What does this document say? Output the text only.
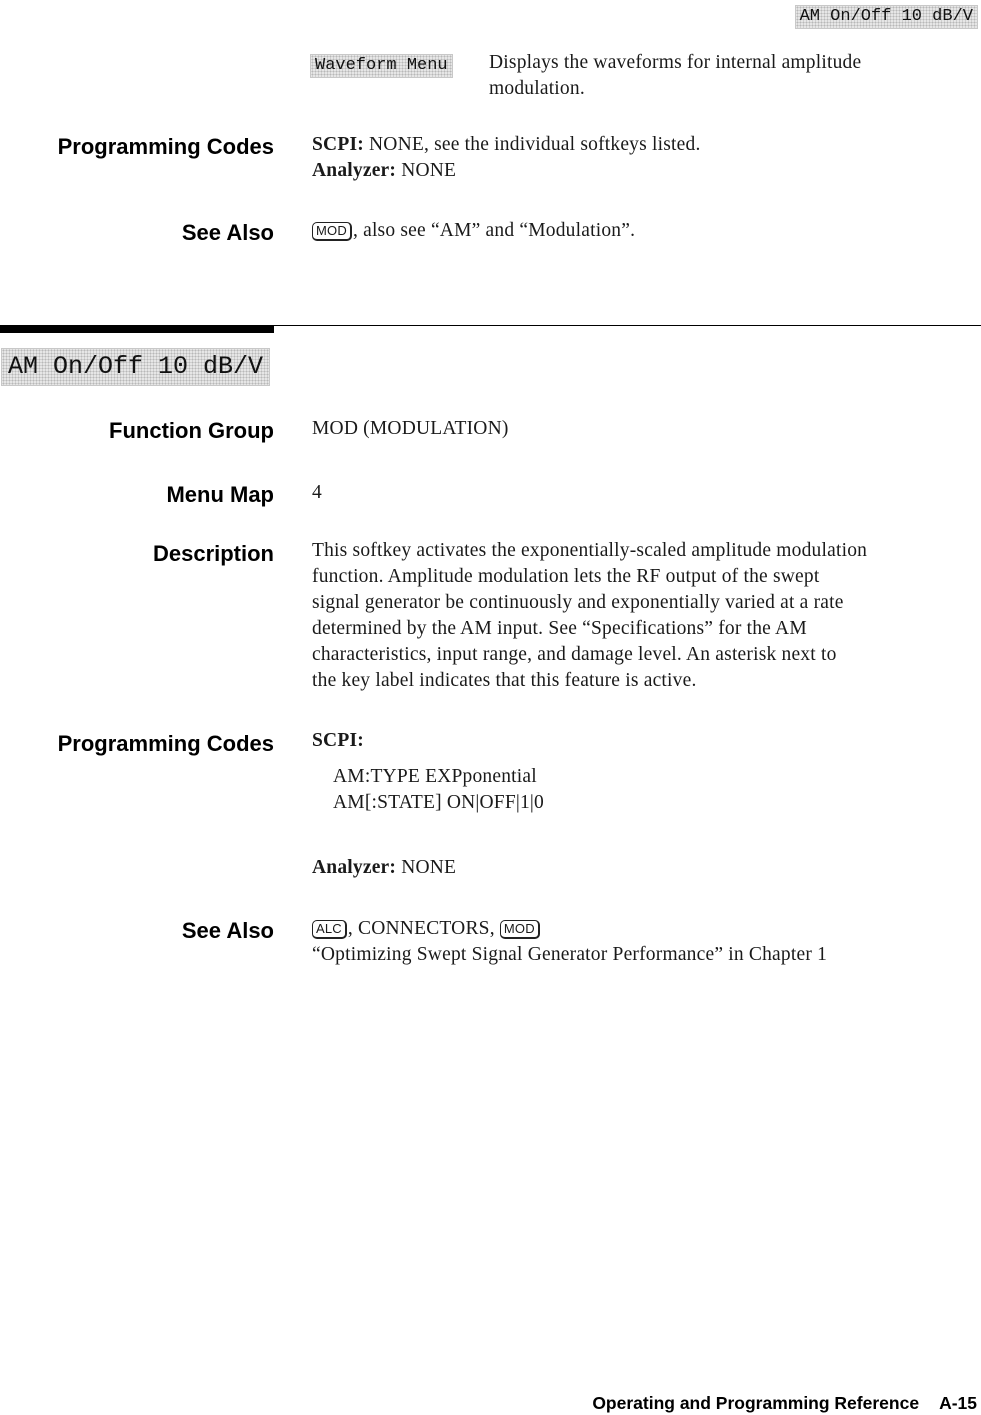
AM On/Off 10 dB/V
Waveform Menu Displays the waveforms for internal amplitude
modulation.
Programming Codes SCPI: NONE, see the individual softkeys listed.
Analyzer: NONE
See Also	MOD , also see “AM” and “Modulation”.
AM On/Off 10 dB/V
Function Group MOD (MODULATION)
Menu Map 4
Description This softkey activates the exponentially-scaled amplitude modulation
function. Amplitude modulation lets the RF output of the swept
signal generator be continuously and exponentially varied at a rate
determined by the AM input. See “Specifications” for the AM
characteristics, input range, and damage level. An asterisk next to
the key label indicates that this feature is active.
Programming Codes SCPI:
AM:TYPE EXPponential
AM[:STATE] ON|OFF|1|0
Analyzer: NONE
See Also	ALC , CONNECTORS, MOD
“Optimizing Swept Signal Generator Performance” in Chapter 1
Operating and Programming Reference A-15
